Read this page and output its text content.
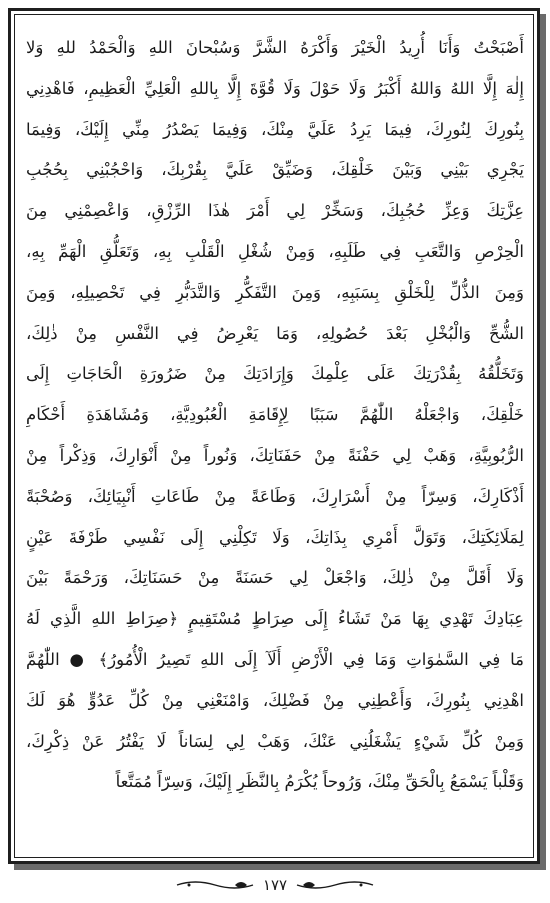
أَصْبَحْتُ وَأَنَا أُرِيدُ الْخَيْرَ وَأَكْرَهُ الشَّرَّ وَسُبْحانَ اللهِ وَالْحَمْدُ للهِ وَلا
إِلٰهَ إِلَّا اللهُ وَاللهُ أَكْبَرُ وَلَا حَوْلَ وَلَا قُوَّةَ إِلَّا بِاللهِ الْعَلِيِّ الْعَظِيمِ، فَاهْدِنِي
بِنُورِكَ لِنُورِكَ، فِيمَا يَرِدُ عَلَيَّ مِنْكَ، وَفِيمَا يَصْدُرُ مِنِّي إِلَيْكَ، وَفِيمَا
يَجْرِي بَيْنِي وَبَيْنَ خَلْقِكَ، وَضَيِّقْ عَلَيَّ بِقُرْبِكَ، وَاحْجُبْنِي بِحُجُبِ
عِزَّتِكَ وَعِزِّ حُجُبِكَ، وَسَخِّرْ لِي أَمْرَ هٰذَا الرِّزْقِ، وَاعْصِمْنِي مِنَ
الْحِرْصِ وَالتَّعَبِ فِي طَلَبِهِ، وَمِنْ شُغْلِ الْقَلْبِ بِهِ، وَتَعَلُّقِ الْهَمِّ بِهِ،
وَمِنَ الذُّلِّ لِلْخَلْقِ بِسَبَبِهِ، وَمِنَ التَّفَكُّرِ وَالتَّدَبُّرِ فِي تَحْصِيلِهِ، وَمِنَ
الشُّحِّ وَالْبُخْلِ بَعْدَ حُصُولِهِ، وَمَا يَعْرِضُ فِي النَّفْسِ مِنْ ذٰلِكَ،
وَتَخَلُّقُهُ بِقُدْرَتِكَ عَلَى عِلْمِكَ وَإِرَادَتِكَ مِنْ ضَرُورَةِ الْحَاجَاتِ إِلَى
خَلْقِكَ، وَاجْعَلْهُ اللّٰهُمَّ سَبَبًا لِإِقَامَةِ الْعُبُودِيَّةِ، وَمُشَاهَدَةِ أَحْكَامِ
الرُّبُوبِيَّةِ، وَهَبْ لِي حَفْنَةً مِنْ حَفَنَاتِكَ، وَنُوراً مِنْ أَنْوَارِكَ، وَذِكْراً مِنْ
أَذْكَارِكَ، وَسِرّاً مِنْ أَسْرَارِكَ، وَطَاعَةً مِنْ طَاعَاتِ أَنْبِيَائِكَ، وَصُحْبَةً
لِمَلَائِكَتِكَ، وَتَوَلَّ أَمْرِي بِذَاتِكَ، وَلَا تَكِلْنِي إِلَى نَفْسِي طَرْفَةَ عَيْنٍ
وَلَا أَقَلَّ مِنْ ذٰلِكَ، وَاجْعَلْ لِي حَسَنَةً مِنْ حَسَنَاتِكَ، وَرَحْمَةً بَيْنَ
عِبَادِكَ تَهْدِي بِهَا مَنْ تَشَاءُ إِلَى صِرَاطٍ مُسْتَقِيمٍ ﴿صِرَاطِ اللهِ الَّذِي لَهُ
مَا فِي السَّمٰوَاتِ وَمَا فِي الْأَرْضِ أَلَآ إِلَى اللهِ تَصِيرُ الْأُمُورُ﴾ ● اللّٰهُمَّ
اهْدِنِي بِنُورِكَ، وَأَعْطِنِي مِنْ فَضْلِكَ، وَامْنَعْنِي مِنْ كُلِّ عَدُوٍّ هُوَ لَكَ
وَمِنْ كُلِّ شَيْءٍ يَشْغَلُنِي عَنْكَ، وَهَبْ لِي لِسَاناً لَا يَفْتُرُ عَنْ ذِكْرِكَ،
وَقَلْباً يَسْمَعُ بِالْحَقِّ مِنْكَ، وَرُوحاً يُكْرَمُ بِالنَّظَرِ إِلَيْكَ، وَسِرّاً مُمَتَّعاً
١٧٧
